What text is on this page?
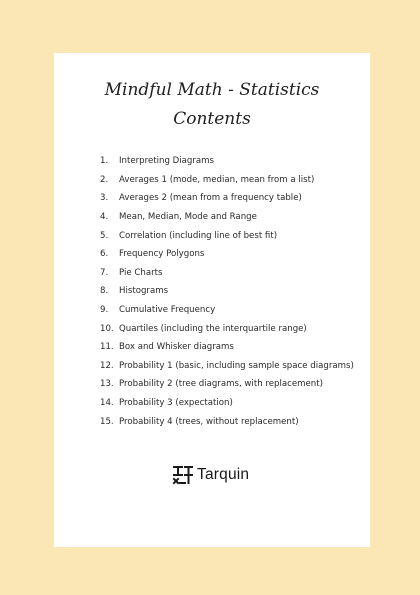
Mindful Math - Statistics
Contents
1.	Interpreting Diagrams
2.	Averages 1 (mode, median, mean from a list)
3.	Averages 2 (mean from a frequency table)
4.	Mean, Median, Mode and Range
5.	Correlation (including line of best fit)
6.	Frequency Polygons
7.	Pie Charts
8.	Histograms
9.	Cumulative Frequency
10. Quartiles (including the interquartile range)
11. Box and Whisker diagrams
12. Probability 1 (basic, including sample space diagrams)
13. Probability 2 (tree diagrams, with replacement)
14. Probability 3 (expectation)
15. Probability 4 (trees, without replacement)
Tarquin
